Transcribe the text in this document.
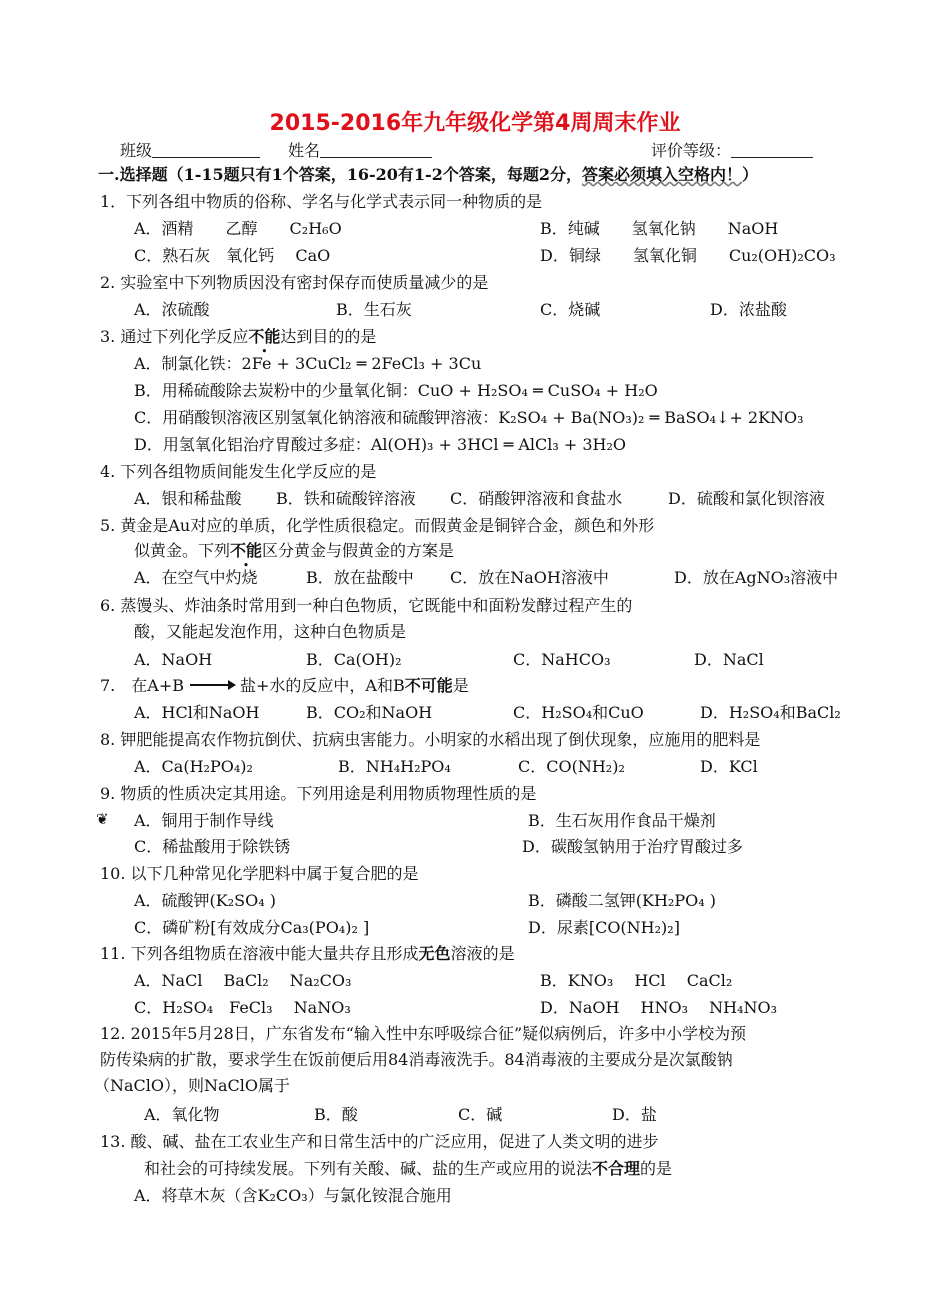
2015-2016年九年级化学第4周周末作业
班级	姓名	评价等级：
一.选择题（1-15题只有1个答案，16-20有1-2个答案，每题2分，答案必须填入空格内！）
1．下列各组中物质的俗称、学名与化学式表示同一种物质的是
A．酒精　　乙醇　　C₂H₆O	B．纯碱　　氢氧化钠　　NaOH
C．熟石灰　氧化钙　 CaO	D．铜绿　　氢氧化铜　　Cu₂(OH)₂CO₃
2. 实验室中下列物质因没有密封保存而使质量减少的是
A．浓硫酸	B．生石灰	C．烧碱	D．浓盐酸
3. 通过下列化学反应不能达到目的的是
A．制氯化铁：2Fe + 3CuCl₂ ═ 2FeCl₃ + 3Cu
B．用稀硫酸除去炭粉中的少量氧化铜：CuO + H₂SO₄ ═ CuSO₄ + H₂O
C．用硝酸钡溶液区别氢氧化钠溶液和硫酸钾溶液：K₂SO₄ + Ba(NO₃)₂ ═ BaSO₄↓+ 2KNO₃
D．用氢氧化铝治疗胃酸过多症：Al(OH)₃ + 3HCl ═ AlCl₃ + 3H₂O
4. 下列各组物质间能发生化学反应的是
A．银和稀盐酸 B．铁和硫酸锌溶液 C．硝酸钾溶液和食盐水	D．硫酸和氯化钡溶液
5. 黄金是Au对应的单质，化学性质很稳定。而假黄金是铜锌合金，颜色和外形
似黄金。下列不能区分黄金与假黄金的方案是
A．在空气中灼烧	B．放在盐酸中 C．放在NaOH溶液中	D．放在AgNO₃溶液中
6. 蒸馒头、炸油条时常用到一种白色物质，它既能中和面粉发酵过程产生的
酸，又能起发泡作用，这种白色物质是
A．NaOH	B．Ca(OH)₂	C．NaHCO₃	D．NaCl
7.　在A+B → 盐+水的反应中，A和B不可能是
A．HCl和NaOH	B．CO₂和NaOH	C．H₂SO₄和CuO	D．H₂SO₄和BaCl₂
8. 钾肥能提高农作物抗倒伏、抗病虫害能力。小明家的水稻出现了倒伏现象，应施用的肥料是
A．Ca(H₂PO₄)₂	B．NH₄H₂PO₄	C．CO(NH₂)₂	D．KCl
9. 物质的性质决定其用途。下列用途是利用物质物理性质的是
❦ A．铜用于制作导线	B．生石灰用作食品干燥剂
C．稀盐酸用于除铁锈	D．碳酸氢钠用于治疗胃酸过多
10. 以下几种常见化学肥料中属于复合肥的是
A．硫酸钾(K₂SO₄ )	B．磷酸二氢钾(KH₂PO₄ )
C．磷矿粉[有效成分Ca₃(PO₄)₂ ]	D．尿素[CO(NH₂)₂]
11. 下列各组物质在溶液中能大量共存且形成无色溶液的是
A．NaCl　 BaCl₂　 Na₂CO₃	B．KNO₃　 HCl　 CaCl₂
C．H₂SO₄　FeCl₃　 NaNO₃	D．NaOH　 HNO₃　 NH₄NO₃
12. 2015年5月28日，广东省发布“输入性中东呼吸综合征”疑似病例后，许多中小学校为预
防传染病的扩散，要求学生在饭前便后用84消毒液洗手。84消毒液的主要成分是次氯酸钠
（NaClO），则NaClO属于
A．氧化物	B．酸	C．碱	D．盐
13. 酸、碱、盐在工农业生产和日常生活中的广泛应用，促进了人类文明的进步
和社会的可持续发展。下列有关酸、碱、盐的生产或应用的说法不合理的是
A．将草木灰（含K₂CO₃）与氯化铵混合施用
